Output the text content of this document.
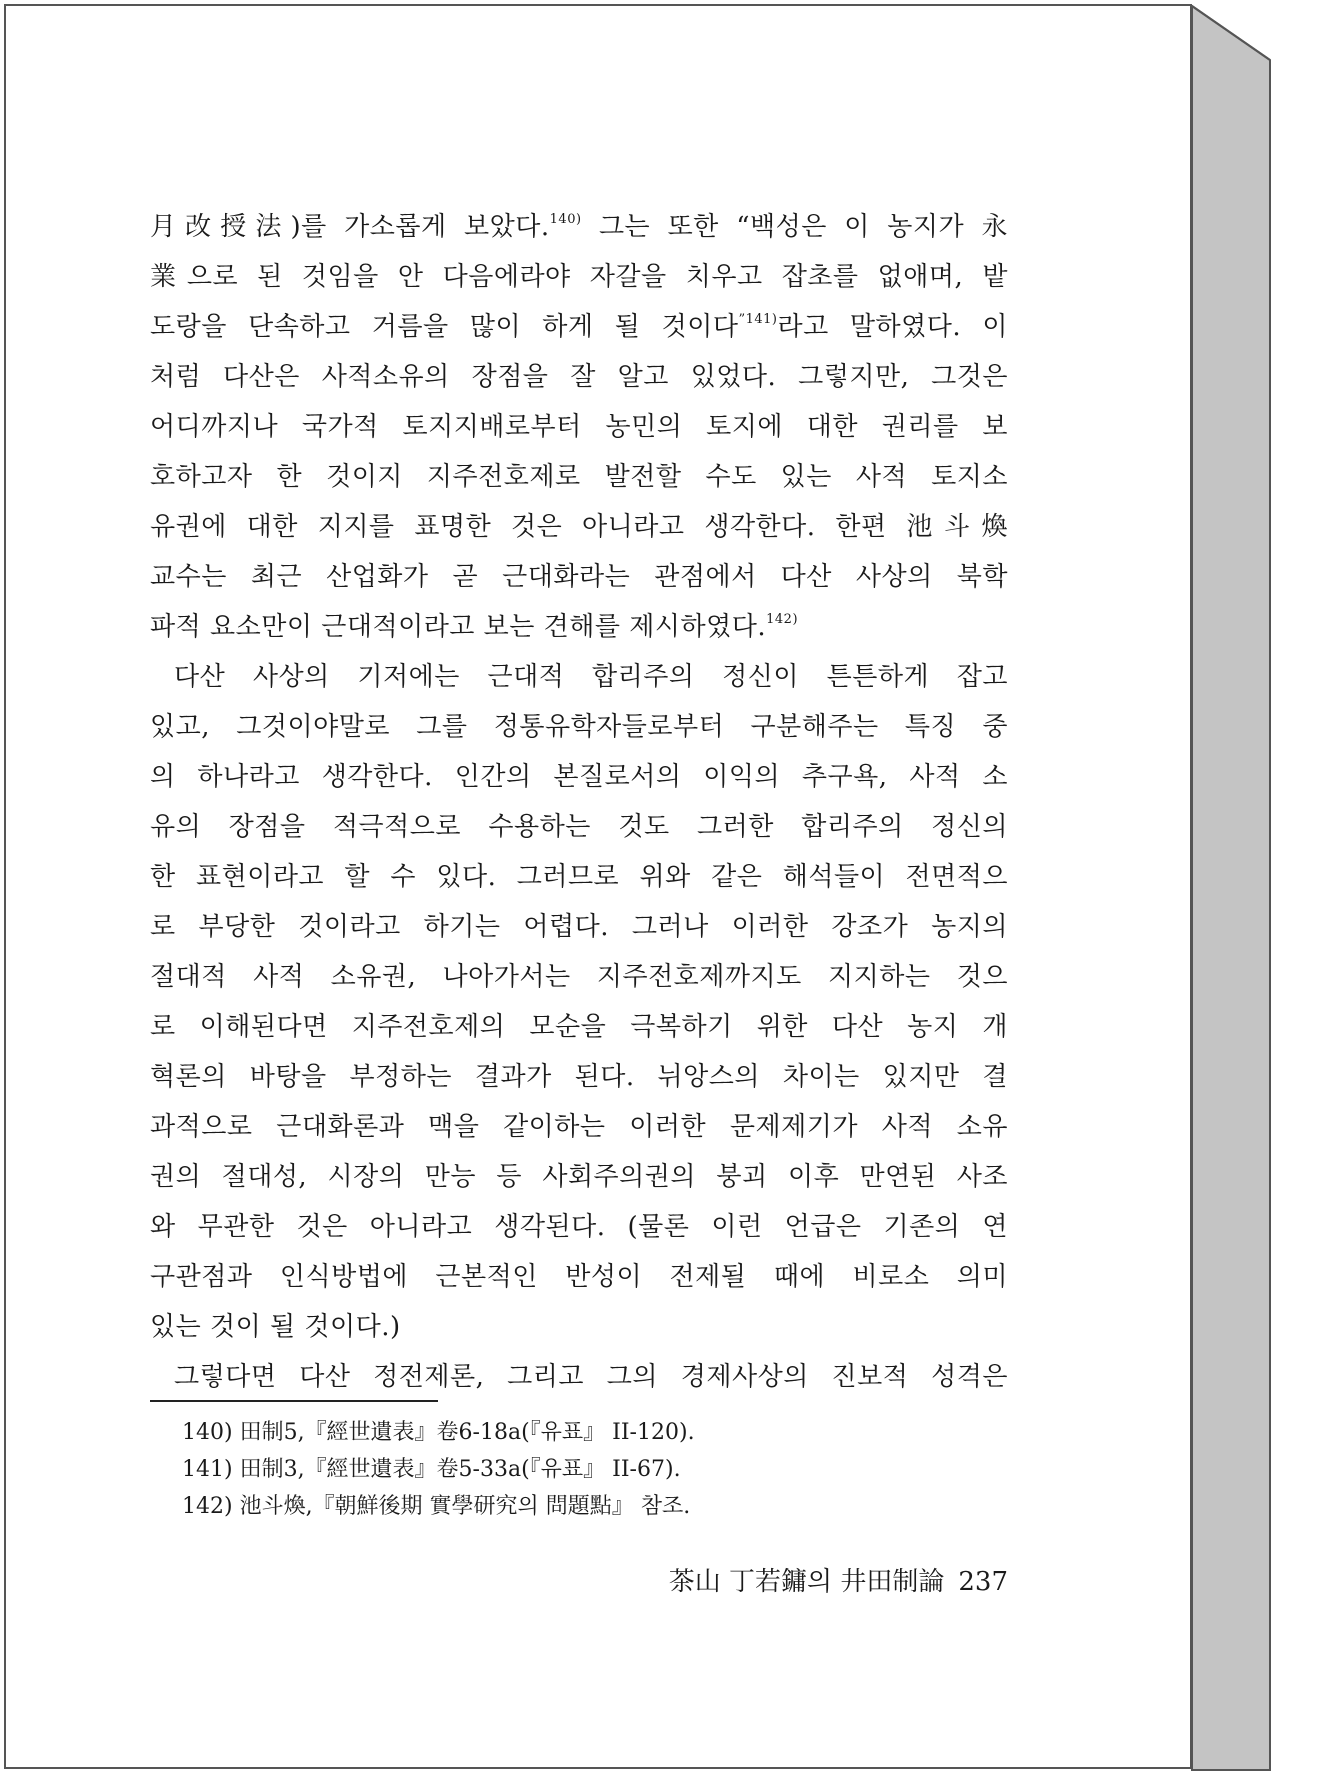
月改授法)를 가소롭게 보았다.$^{140)}$ 그는 또한 “백성은 이 농지가 永
業으로 된 것임을 안 다음에라야 자갈을 치우고 잡초를 없애며, 밭
도랑을 단속하고 거름을 많이 하게 될 것이다$^{”141)}$라고 말하였다. 이
처럼 다산은 사적소유의 장점을 잘 알고 있었다. 그렇지만, 그것은
어디까지나 국가적 토지지배로부터 농민의 토지에 대한 권리를 보
호하고자 한 것이지 지주전호제로 발전할 수도 있는 사적 토지소
유권에 대한 지지를 표명한 것은 아니라고 생각한다. 한편 池斗煥
교수는 최근 산업화가 곧 근대화라는 관점에서 다산 사상의 북학
파적 요소만이 근대적이라고 보는 견해를 제시하였다.$^{142)}$
다산 사상의 기저에는 근대적 합리주의 정신이 튼튼하게 잡고
있고, 그것이야말로 그를 정통유학자들로부터 구분해주는 특징 중
의 하나라고 생각한다. 인간의 본질로서의 이익의 추구욕, 사적 소
유의 장점을 적극적으로 수용하는 것도 그러한 합리주의 정신의
한 표현이라고 할 수 있다. 그러므로 위와 같은 해석들이 전면적으
로 부당한 것이라고 하기는 어렵다. 그러나 이러한 강조가 농지의
절대적 사적 소유권, 나아가서는 지주전호제까지도 지지하는 것으
로 이해된다면 지주전호제의 모순을 극복하기 위한 다산 농지 개
혁론의 바탕을 부정하는 결과가 된다. 뉘앙스의 차이는 있지만 결
과적으로 근대화론과 맥을 같이하는 이러한 문제제기가 사적 소유
권의 절대성, 시장의 만능 등 사회주의권의 붕괴 이후 만연된 사조
와 무관한 것은 아니라고 생각된다. (물론 이런 언급은 기존의 연
구관점과 인식방법에 근본적인 반성이 전제될 때에 비로소 의미
있는 것이 될 것이다.)
그렇다면 다산 정전제론, 그리고 그의 경제사상의 진보적 성격은
140) 田制5,『經世遺表』卷6-18a(『유표』 II-120).
141) 田制3,『經世遺表』卷5-33a(『유표』 II-67).
142) 池斗煥,『朝鮮後期 實學研究의 問題點』 참조.
茶山 丁若鏞의 井田制論 237
